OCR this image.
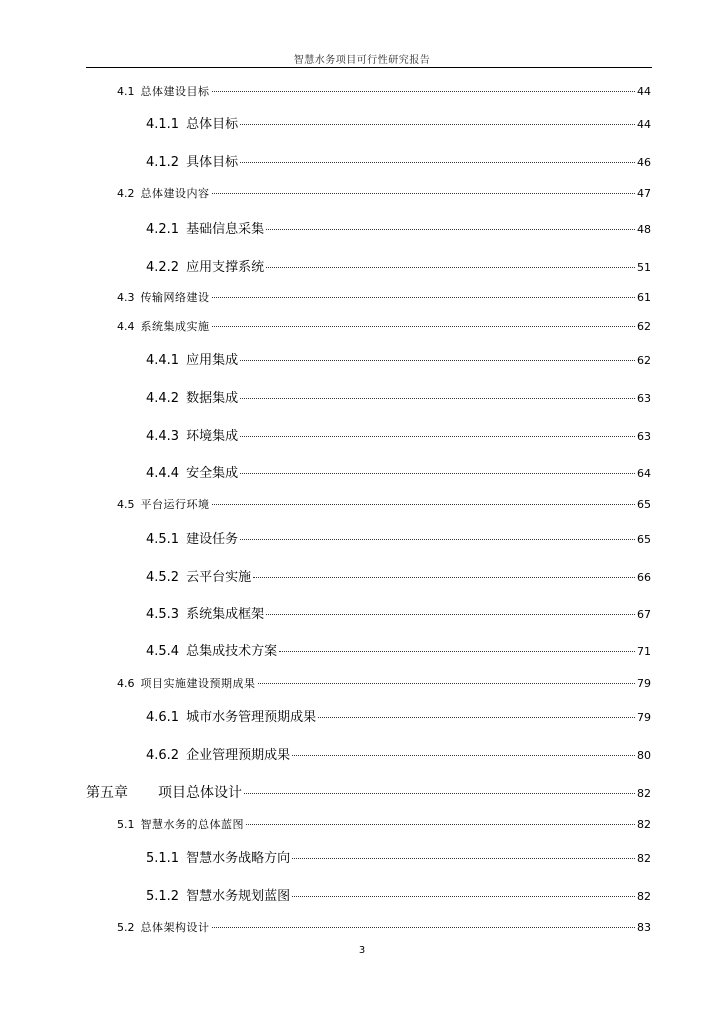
智慧水务项目可行性研究报告
4.1 总体建设目标	44
4.1.1 总体目标	44
4.1.2 具体目标	46
4.2 总体建设内容	47
4.2.1 基础信息采集	48
4.2.2 应用支撑系统	51
4.3 传输网络建设	61
4.4 系统集成实施	62
4.4.1 应用集成	62
4.4.2 数据集成	63
4.4.3 环境集成	63
4.4.4 安全集成	64
4.5 平台运行环境	65
4.5.1 建设任务	65
4.5.2 云平台实施	66
4.5.3 系统集成框架	67
4.5.4 总集成技术方案	71
4.6 项目实施建设预期成果	79
4.6.1 城市水务管理预期成果	79
4.6.2 企业管理预期成果	80
第五章 项目总体设计	82
5.1 智慧水务的总体蓝图	82
5.1.1 智慧水务战略方向	82
5.1.2 智慧水务规划蓝图	82
5.2 总体架构设计	83
3
